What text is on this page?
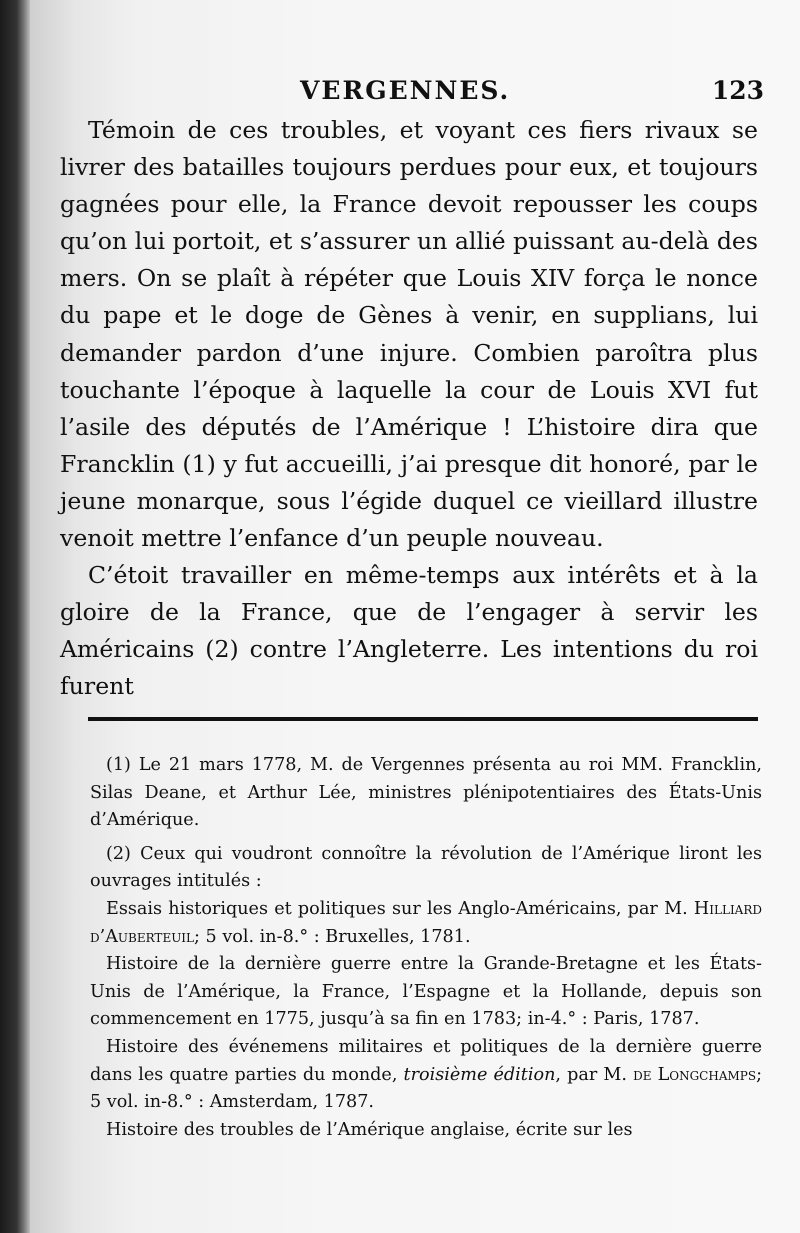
VERGENNES.	123

Témoin de ces troubles, et voyant ces fiers rivaux se livrer des batailles toujours perdues pour eux, et toujours gagnées pour elle, la France devoit repousser les coups qu’on lui portoit, et s’assurer un allié puissant au-delà des mers. On se plaît à répéter que Louis XIV força le nonce du pape et le doge de Gènes à venir, en supplians, lui demander pardon d’une injure. Combien paroîtra plus touchante l’époque à laquelle la cour de Louis XVI fut l’asile des députés de l’Amérique ! L’histoire dira que Francklin (1) y fut accueilli, j’ai presque dit honoré, par le jeune monarque, sous l’égide duquel ce vieillard illustre venoit mettre l’enfance d’un peuple nouveau.

C’étoit travailler en même-temps aux intérêts et à la gloire de la France, que de l’engager à servir les Américains (2) contre l’Angleterre. Les intentions du roi furent

(1) Le 21 mars 1778, M. de Vergennes présenta au roi MM. Francklin, Silas Deane, et Arthur Lée, ministres plénipotentiaires des États-Unis d’Amérique.

(2) Ceux qui voudront connoître la révolution de l’Amérique liront les ouvrages intitulés :

Essais historiques et politiques sur les Anglo-Américains, par M. Hilliard d’Auberteuil; 5 vol. in-8.° : Bruxelles, 1781.

Histoire de la dernière guerre entre la Grande-Bretagne et les États-Unis de l’Amérique, la France, l’Espagne et la Hollande, depuis son commencement en 1775, jusqu’à sa fin en 1783; in-4.° : Paris, 1787.

Histoire des événemens militaires et politiques de la dernière guerre dans les quatre parties du monde, troisième édition, par M. de Longchamps; 5 vol. in-8.° : Amsterdam, 1787.

Histoire des troubles de l’Amérique anglaise, écrite sur les
